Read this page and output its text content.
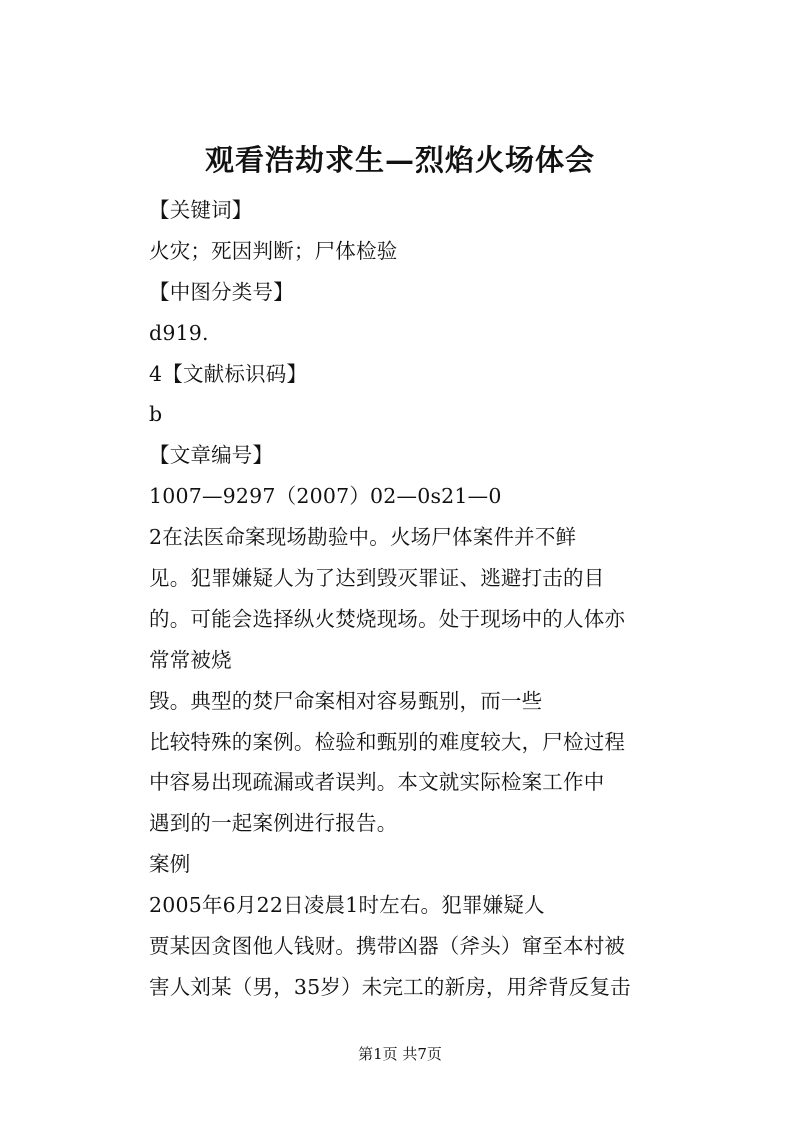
观看浩劫求生—烈焰火场体会
【关键词】
火灾；死因判断；尸体检验
【中图分类号】
d919.
4【文献标识码】
b
【文章编号】
1007—9297（2007）02—0s21—0
2在法医命案现场勘验中。火场尸体案件并不鲜
见。犯罪嫌疑人为了达到毁灭罪证、逃避打击的目
的。可能会选择纵火焚烧现场。处于现场中的人体亦
常常被烧
毁。典型的焚尸命案相对容易甄别，而一些
比较特殊的案例。检验和甄别的难度较大，尸检过程
中容易出现疏漏或者误判。本文就实际检案工作中
遇到的一起案例进行报告。
案例
2005年6月22日凌晨1时左右。犯罪嫌疑人
贾某因贪图他人钱财。携带凶器（斧头）窜至本村被
害人刘某（男，35岁）未完工的新房，用斧背反复击
第1页 共7页
